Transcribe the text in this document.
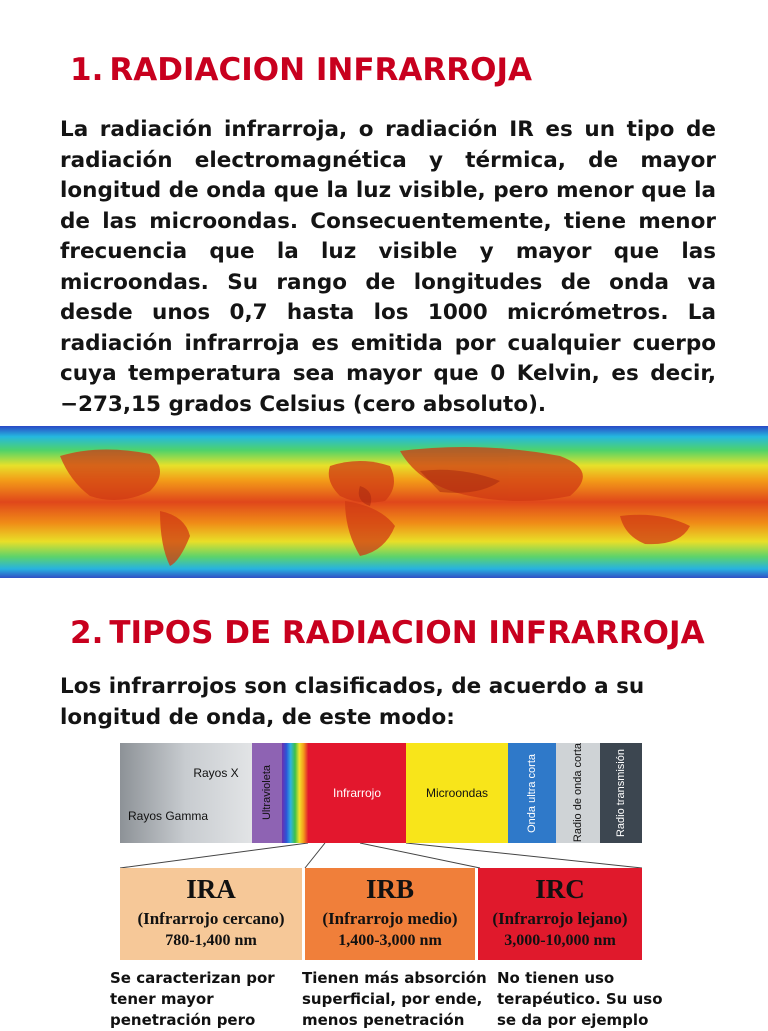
1. RADIACION INFRARROJA
La radiación infrarroja, o radiación IR es un tipo de radiación electromagnética y térmica, de mayor longitud de onda que la luz visible, pero menor que la de las microondas. Consecuentemente, tiene menor frecuencia que la luz visible y mayor que las microondas. Su rango de longitudes de onda va desde unos 0,7 hasta los 1000 micrómetros. La radiación infrarroja es emitida por cualquier cuerpo cuya temperatura sea mayor que 0 Kelvin, es decir, −273,15 grados Celsius (cero absoluto).
2. TIPOS DE RADIACION INFRARROJA
Los infrarrojos son clasificados, de acuerdo a su longitud de onda, de este modo:
Rayos Gamma
Rayos X Ultravioleta	Infrarrojo	Microondas	Onda ultra corta	Radio de onda corta	Radio transmisión
IRA
(Infrarrojo cercano)
780-1,400 nm
IRB
(Infrarrojo medio)
1,400-3,000 nm
IRC
(Infrarrojo lejano)
3,000-10,000 nm
Se caracterizan por tener mayor penetración pero
Tienen más absorción superficial, por ende, menos penetración
No tienen uso terapéutico. Su uso se da por ejemplo
